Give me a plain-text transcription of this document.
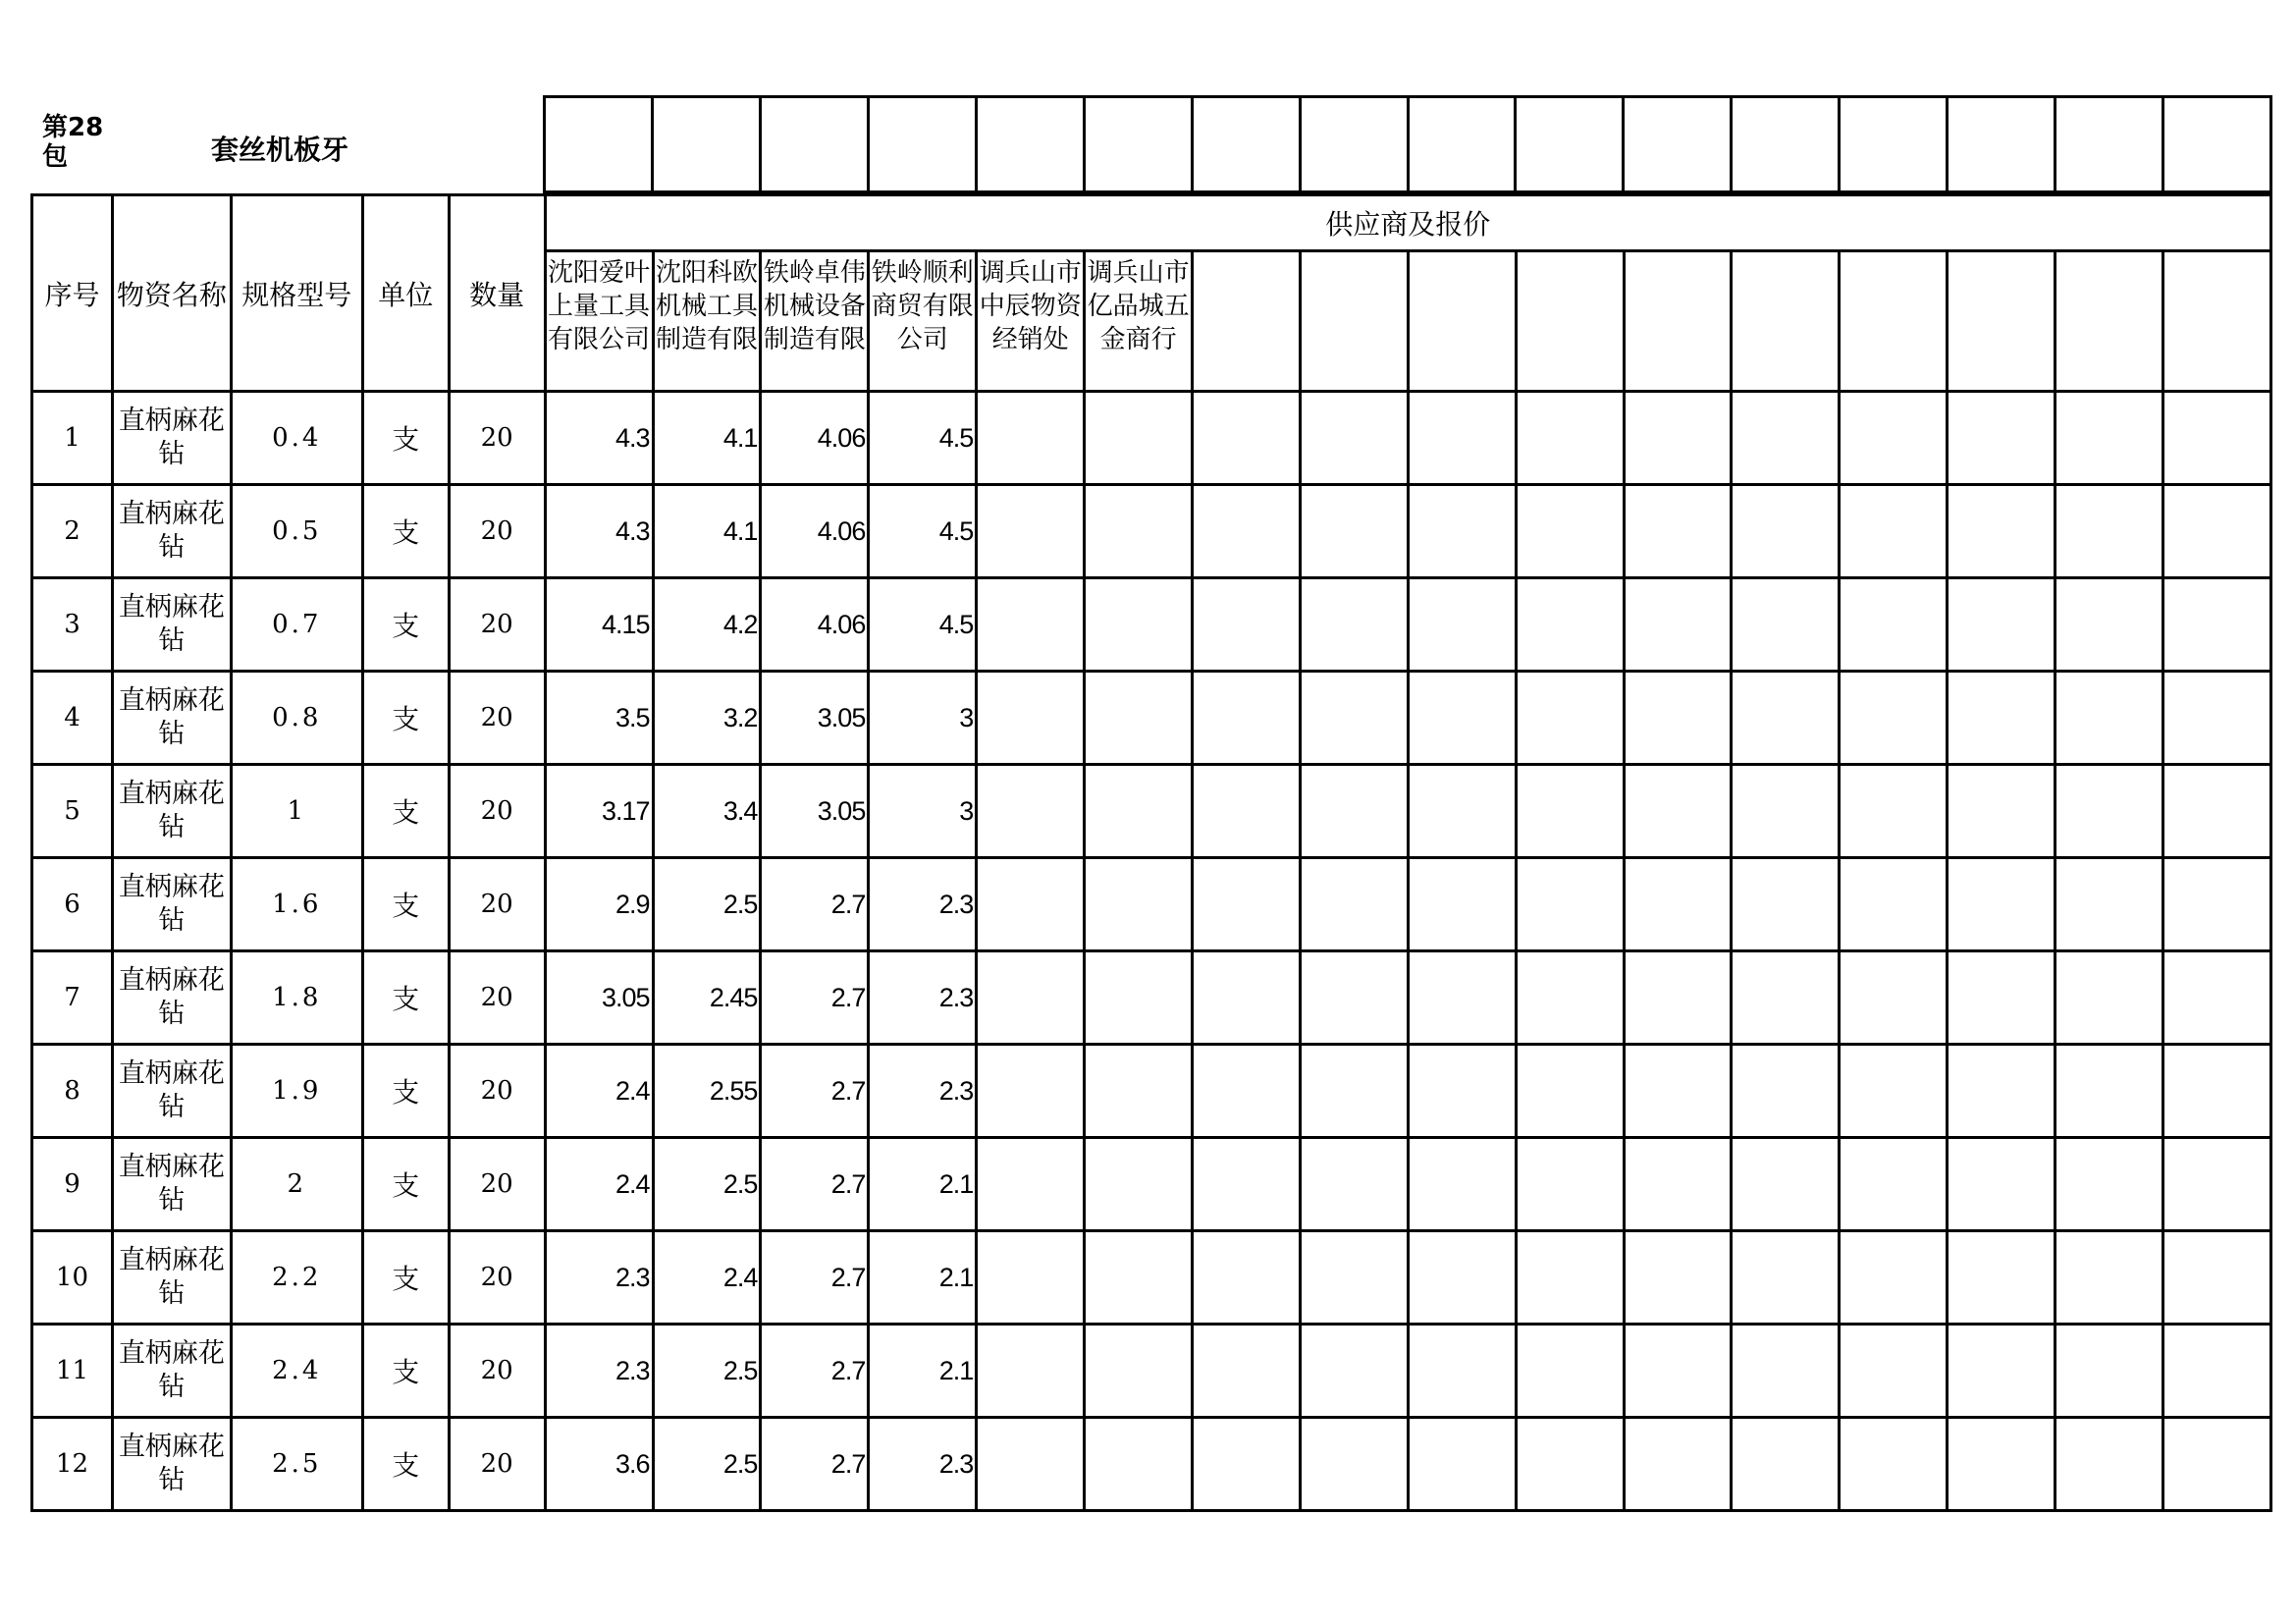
第28包	套丝机板牙

序号	物资名称	规格型号	单位	数量	供应商及报价															

					沈阳爱叶上量工具有限公司	沈阳科欧机械工具制造有限	铁岭卓伟机械设备制造有限	铁岭顺利商贸有限公司	调兵山市中辰物资经销处	调兵山市亿品城五金商行										

1	直柄麻花钻	0.4	支	20	4.3	4.1	4.06	4.5												
2	直柄麻花钻	0.5	支	20	4.3	4.1	4.06	4.5												
3	直柄麻花钻	0.7	支	20	4.15	4.2	4.06	4.5												
4	直柄麻花钻	0.8	支	20	3.5	3.2	3.05	3												
5	直柄麻花钻	1	支	20	3.17	3.4	3.05	3												
6	直柄麻花钻	1.6	支	20	2.9	2.5	2.7	2.3												
7	直柄麻花钻	1.8	支	20	3.05	2.45	2.7	2.3												
8	直柄麻花钻	1.9	支	20	2.4	2.55	2.7	2.3												
9	直柄麻花钻	2	支	20	2.4	2.5	2.7	2.1												
10	直柄麻花钻	2.2	支	20	2.3	2.4	2.7	2.1												
11	直柄麻花钻	2.4	支	20	2.3	2.5	2.7	2.1												
12	直柄麻花钻	2.5	支	20	3.6	2.5	2.7	2.3												
